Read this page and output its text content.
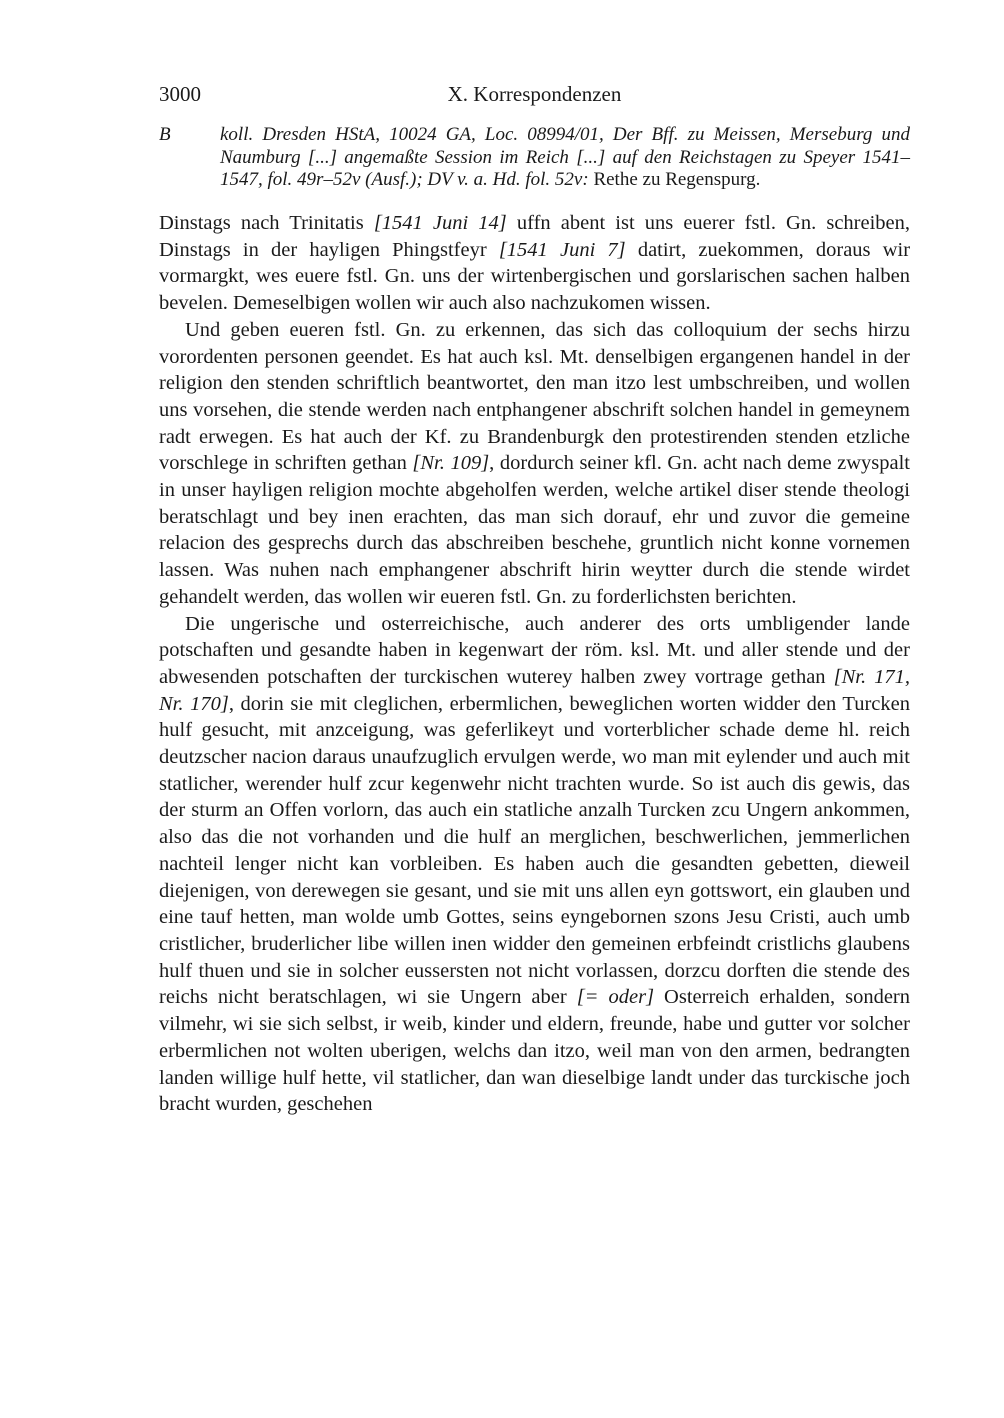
3000	X. Korrespondenzen
B	koll. Dresden HStA, 10024 GA, Loc. 08994/01, Der Bff. zu Meissen, Merseburg und Naumburg [...] angemaßte Session im Reich [...] auf den Reichstagen zu Speyer 1541–1547, fol. 49r–52v (Ausf.); DV v. a. Hd. fol. 52v: Rethe zu Regenspurg.

Dinstags nach Trinitatis [1541 Juni 14] uffn abent ist uns euerer fstl. Gn. schreiben, Dinstags in der hayligen Phingstfeyr [1541 Juni 7] datirt, zuekommen, doraus wir vormargkt, wes euere fstl. Gn. uns der wirtenbergischen und gorslarischen sachen halben bevelen. Demeselbigen wollen wir auch also nachzukomen wissen.

Und geben eueren fstl. Gn. zu erkennen, das sich das colloquium der sechs hirzu vorordenten personen geendet. Es hat auch ksl. Mt. denselbigen ergangenen handel in der religion den stenden schriftlich beantwortet, den man itzo lest umbschreiben, und wollen uns vorsehen, die stende werden nach entphangener abschrift solchen handel in gemeynem radt erwegen. Es hat auch der Kf. zu Brandenburgk den protestirenden stenden etzliche vorschlege in schriften gethan [Nr. 109], dordurch seiner kfl. Gn. acht nach deme zwyspalt in unser hayligen religion mochte abgeholfen werden, welche artikel diser stende theologi beratschlagt und bey inen erachten, das man sich dorauf, ehr und zuvor die gemeine relacion des gesprechs durch das abschreiben beschehe, gruntlich nicht konne vornemen lassen. Was nuhen nach emphangener abschrift hirin weytter durch die stende wirdet gehandelt werden, das wollen wir eueren fstl. Gn. zu forderlichsten berichten.

Die ungerische und osterreichische, auch anderer des orts umbligender lande potschaften und gesandte haben in kegenwart der röm. ksl. Mt. und aller stende und der abwesenden potschaften der turckischen wuterey halben zwey vortrage gethan [Nr. 171, Nr. 170], dorin sie mit cleglichen, erbermlichen, beweglichen worten widder den Turcken hulf gesucht, mit anzceigung, was geferlikeyt und vorterblicher schade deme hl. reich deutzscher nacion daraus unaufzuglich ervulgen werde, wo man mit eylender und auch mit statlicher, werender hulf zcur kegenwehr nicht trachten wurde. So ist auch dis gewis, das der sturm an Offen vorlorn, das auch ein statliche anzalh Turcken zcu Ungern ankommen, also das die not vorhanden und die hulf an merglichen, beschwerlichen, jemmerlichen nachteil lenger nicht kan vorbleiben. Es haben auch die gesandten gebetten, dieweil diejenigen, von derewegen sie gesant, und sie mit uns allen eyn gottswort, ein glauben und eine tauf hetten, man wolde umb Gottes, seins eyngebornen szons Jesu Cristi, auch umb cristlicher, bruderlicher libe willen inen widder den gemeinen erbfeindt cristlichs glaubens hulf thuen und sie in solcher eussersten not nicht vorlassen, dorzcu dorften die stende des reichs nicht beratschlagen, wi sie Ungern aber [= oder] Osterreich erhalden, sondern vilmehr, wi sie sich selbst, ir weib, kinder und eldern, freunde, habe und gutter vor solcher erbermlichen not wolten uberigen, welchs dan itzo, weil man von den armen, bedrangten landen willige hulf hette, vil statlicher, dan wan dieselbige landt under das turckische joch bracht wurden, geschehen
